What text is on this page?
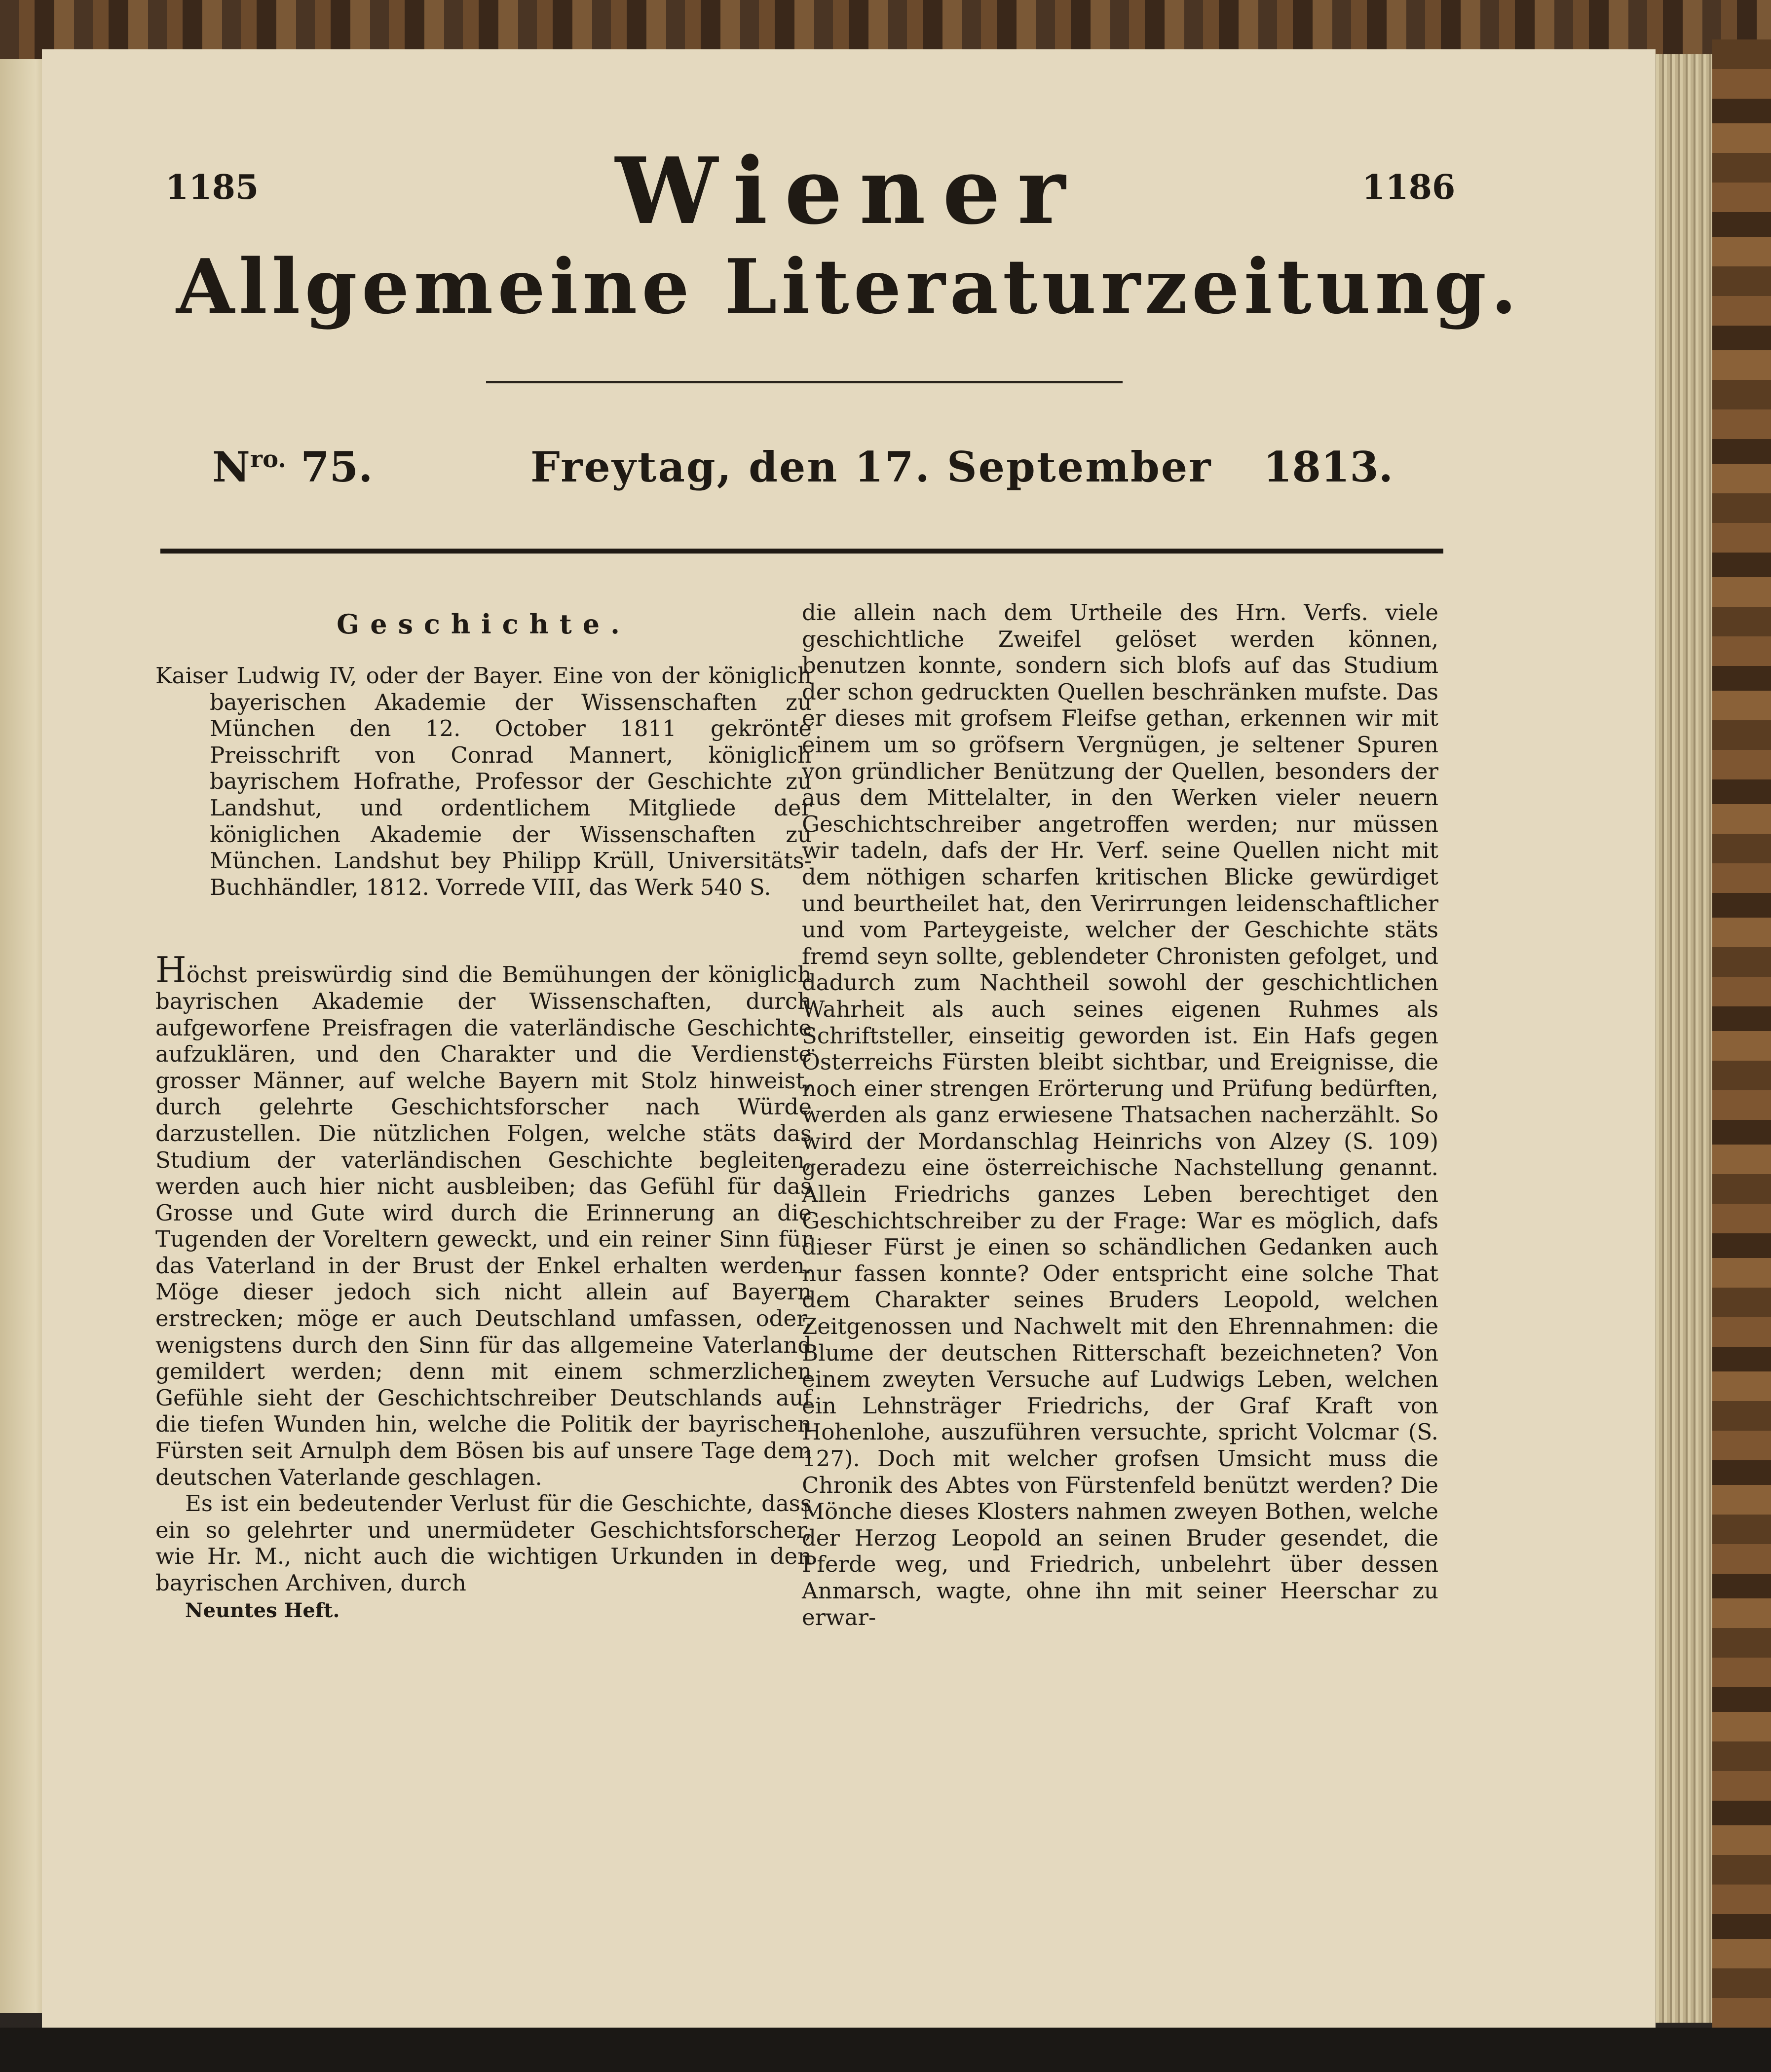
1185	1186
Wiener
Allgemeine Literaturzeitung.
$N^{ro.}$ 75.	Freytag, den 17. September 1813.
Geschichte.

Kaiser Ludwig IV, oder der Bayer. Eine von der königlich bayerischen Akademie der Wissenschaften zu München den 12. October 1811 gekrönte Preisschrift von Conrad Mannert, königlich bayrischem Hofrathe, Professor der Geschichte zu Landshut, und ordentlichem Mitgliede der königlichen Akademie der Wissenschaften zu München. Landshut bey Philipp Krüll, Universitäts-Buchhändler, 1812. Vorrede VIII, das Werk 540 S.

Höchst preiswürdig sind die Bemühungen der königlich bayrischen Akademie der Wissenschaften, durch aufgeworfene Preisfragen die vaterländische Geschichte aufzuklären, und den Charakter und die Verdienste grosser Männer, auf welche Bayern mit Stolz hinweist, durch gelehrte Geschichtsforscher nach Würde darzustellen. Die nützlichen Folgen, welche stäts das Studium der vaterländischen Geschichte begleiten, werden auch hier nicht ausbleiben; das Gefühl für das Grosse und Gute wird durch die Erinnerung an die Tugenden der Voreltern geweckt, und ein reiner Sinn für das Vaterland in der Brust der Enkel erhalten werden. Möge dieser jedoch sich nicht allein auf Bayern erstrecken; möge er auch Deutschland umfassen, oder, wenigstens durch den Sinn für das allgemeine Vaterland gemildert werden; denn mit einem schmerzlichen Gefühle sieht der Geschichtschreiber Deutschlands auf die tiefen Wunden hin, welche die Politik der bayrischen Fürsten seit Arnulph dem Bösen bis auf unsere Tage dem deutschen Vaterlande geschlagen.

Es ist ein bedeutender Verlust für die Geschichte, dass ein so gelehrter und unermüdeter Geschichtsforscher, wie Hr. M., nicht auch die wichtigen Urkunden in den bayrischen Archiven, durch

Neuntes Heft.

die allein nach dem Urtheile des Hrn. Verfs. viele geschichtliche Zweifel gelöset werden können, benutzen konnte, sondern sich blofs auf das Studium der schon gedruckten Quellen beschränken mufste. Das er dieses mit grofsem Fleifse gethan, erkennen wir mit einem um so gröfsern Vergnügen, je seltener Spuren von gründlicher Benützung der Quellen, besonders der aus dem Mittelalter, in den Werken vieler neuern Geschichtschreiber angetroffen werden; nur müssen wir tadeln, dafs der Hr. Verf. seine Quellen nicht mit dem nöthigen scharfen kritischen Blicke gewürdiget und beurtheilet hat, den Verirrungen leidenschaftlicher und vom Parteygeiste, welcher der Geschichte stäts fremd seyn sollte, geblendeter Chronisten gefolget, und dadurch zum Nachtheil sowohl der geschichtlichen Wahrheit als auch seines eigenen Ruhmes als Schriftsteller, einseitig geworden ist. Ein Hafs gegen Österreichs Fürsten bleibt sichtbar, und Ereignisse, die noch einer strengen Erörterung und Prüfung bedürften, werden als ganz erwiesene Thatsachen nacherzählt. So wird der Mordanschlag Heinrichs von Alzey (S. 109) geradezu eine österreichische Nachstellung genannt. Allein Friedrichs ganzes Leben berechtiget den Geschichtschreiber zu der Frage: War es möglich, dafs dieser Fürst je einen so schändlichen Gedanken auch nur fassen konnte? Oder entspricht eine solche That dem Charakter seines Bruders Leopold, welchen Zeitgenossen und Nachwelt mit den Ehrennahmen: die Blume der deutschen Ritterschaft bezeichneten? Von einem zweyten Versuche auf Ludwigs Leben, welchen ein Lehnsträger Friedrichs, der Graf Kraft von Hohenlohe, auszuführen versuchte, spricht Volcmar (S. 127). Doch mit welcher grofsen Umsicht muss die Chronik des Abtes von Fürstenfeld benützt werden? Die Mönche dieses Klosters nahmen zweyen Bothen, welche der Herzog Leopold an seinen Bruder gesendet, die Pferde weg, und Friedrich, unbelehrt über dessen Anmarsch, wagte, ohne ihn mit seiner Heerschar zu erwar-
